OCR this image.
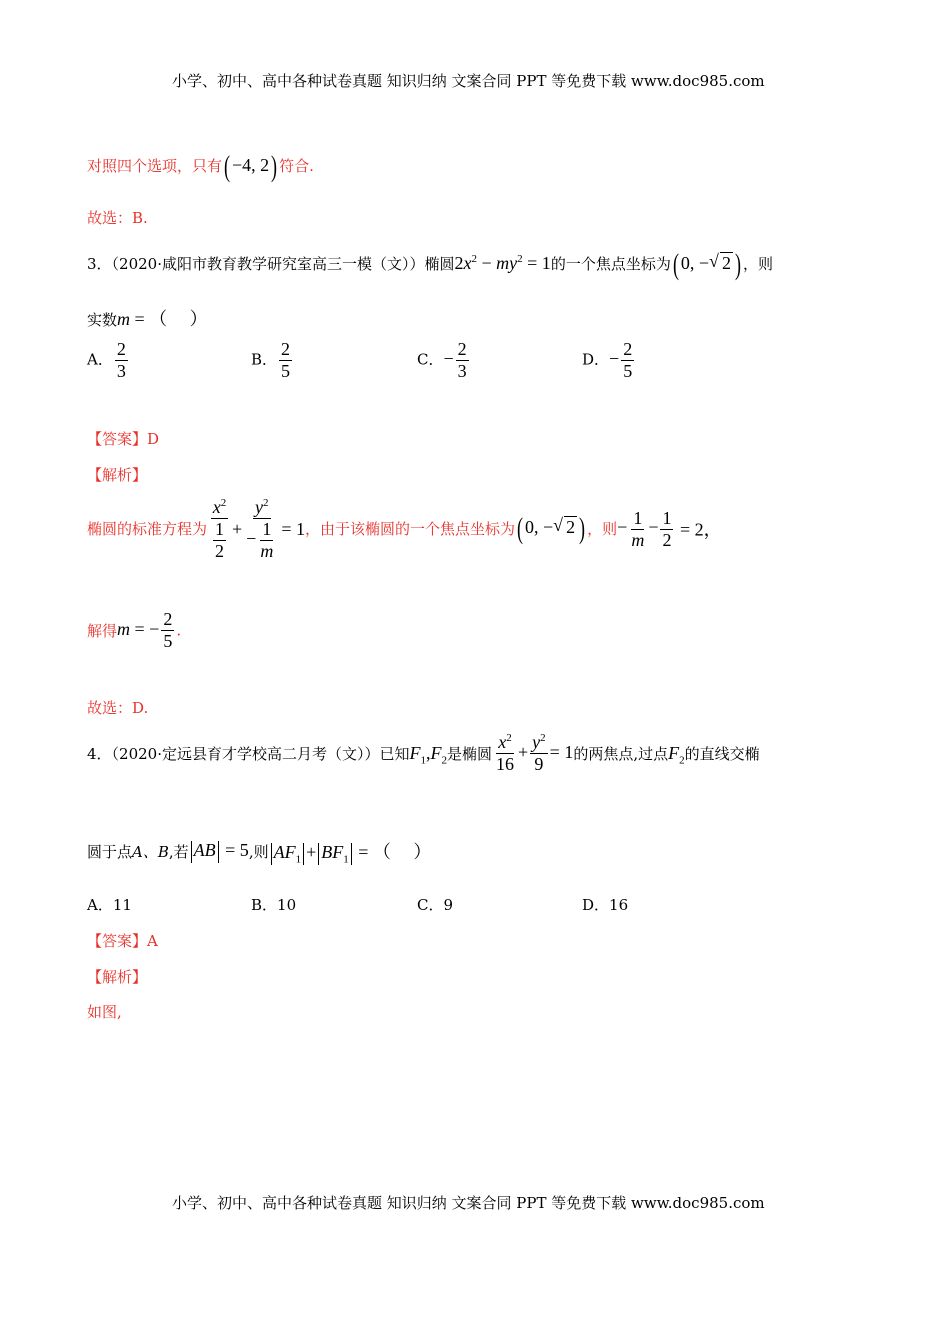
小学、初中、高中各种试卷真题 知识归纳 文案合同 PPT 等免费下载 www.doc985.com
对照四个选项，只有( −4, 2) 符合.
故选：B.
3．（2020·咸阳市教育教学研究室高三一模（文））椭圆$2x^2 - my^2 = 1$的一个焦点坐标为( 0, − √ 2 ) ，则
实数m = （　 ）
A． $\frac{2}{3}$	B． $\frac{2}{5}$	C．− $\frac{2}{3}$	D．− $\frac{2}{5}$
【答案】D
【解析】
椭圆的标准方程为 $\frac{x^2}{\frac{1}{2}} + \frac{y^2}{- \frac{1}{m}} = 1$，由于该椭圆的一个焦点坐标为( 0, − √ 2 ) ，则− $\frac{1}{m} - \frac{1}{2} = 2$，
解得m = − $\frac{2}{5}$ .
故选：D.
4．（2020·定远县育才学校高二月考（文））已知$F_1,F_2$是椭圆 $\frac{x^2}{16} + \frac{y^2}{9} = 1$的两焦点,过点$F_2$的直线交椭
圆于点A、B,若 AB = 5,则 $AF_1 + BF_1$ = （　 ）
A．11	B．10	C．9	D．16
【答案】A
【解析】
如图,
小学、初中、高中各种试卷真题 知识归纳 文案合同 PPT 等免费下载 www.doc985.com
